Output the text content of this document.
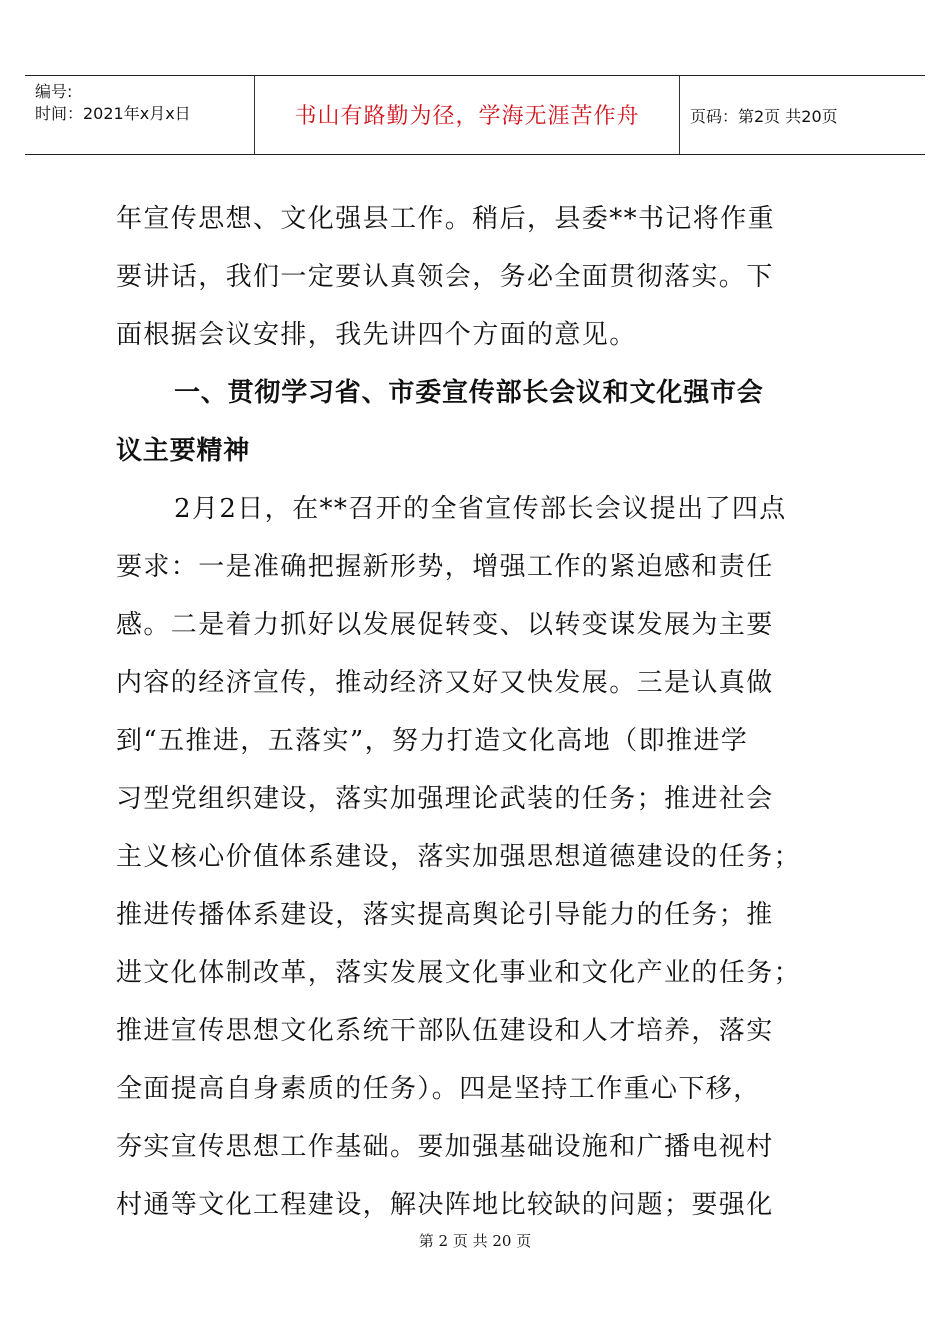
编号:
时间：2021年x月x日	书山有路勤为径，学海无涯苦作舟	页码：第2页 共20页
年宣传思想、文化强县工作。稍后，县委**书记将作重
要讲话，我们一定要认真领会，务必全面贯彻落实。下
面根据会议安排，我先讲四个方面的意见。
一、贯彻学习省、市委宣传部长会议和文化强市会
议主要精神
2月2日，在**召开的全省宣传部长会议提出了四点
要求：一是准确把握新形势，增强工作的紧迫感和责任
感。二是着力抓好以发展促转变、以转变谋发展为主要
内容的经济宣传，推动经济又好又快发展。三是认真做
到“五推进，五落实”，努力打造文化高地（即推进学
习型党组织建设，落实加强理论武装的任务；推进社会
主义核心价值体系建设，落实加强思想道德建设的任务；
推进传播体系建设，落实提高舆论引导能力的任务；推
进文化体制改革，落实发展文化事业和文化产业的任务；
推进宣传思想文化系统干部队伍建设和人才培养，落实
全面提高自身素质的任务）。四是坚持工作重心下移，
夯实宣传思想工作基础。要加强基础设施和广播电视村
村通等文化工程建设，解决阵地比较缺的问题；要强化
第 2 页 共 20 页
